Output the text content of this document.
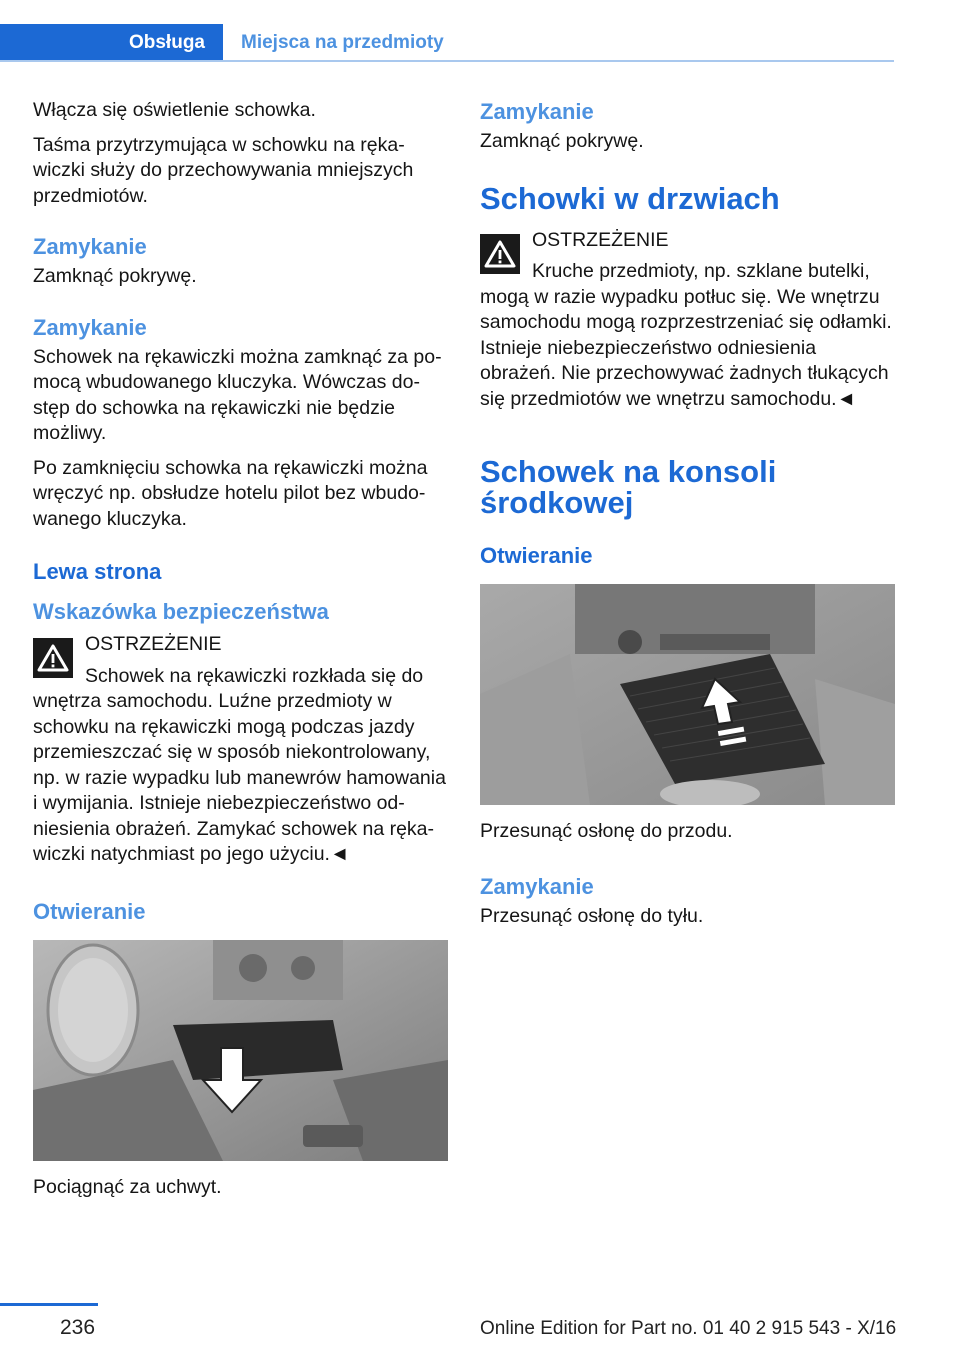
Obsługa	Miejsca na przedmioty

Włącza się oświetlenie schowka.

Taśma przytrzymująca w schowku na rękawiczki służy do przechowywania mniejszych przedmiotów.

Zamykanie

Zamknąć pokrywę.

Zamykanie

Schowek na rękawiczki można zamknąć za pomocą wbudowanego kluczyka. Wówczas dostęp do schowka na rękawiczki nie będzie możliwy.

Po zamknięciu schowka na rękawiczki można wręczyć np. obsłudze hotelu pilot bez wbudowanego kluczyka.

Lewa strona
Wskazówka bezpieczeństwa
OSTRZEŻENIE
Schowek na rękawiczki rozkłada się do wnętrza samochodu. Luźne przedmioty w schowku na rękawiczki mogą podczas jazdy przemieszczać się w sposób niekontrolowany, np. w razie wypadku lub manewrów hamowania i wymijania. Istnieje niebezpieczeństwo odniesienia obrażeń. Zamykać schowek na rękawiczki natychmiast po jego użyciu.◄
Otwieranie

Pociągnąć za uchwyt.

Zamykanie

Zamknąć pokrywę.

Schowki w drzwiach
OSTRZEŻENIE
Kruche przedmioty, np. szklane butelki, mogą w razie wypadku potłuc się. We wnętrzu samochodu mogą rozprzestrzeniać się odłamki. Istnieje niebezpieczeństwo odniesienia obrażeń. Nie przechowywać żadnych tłukących się przedmiotów we wnętrzu samochodu.◄
Schowek na konsoli środkowej
Otwieranie

Przesunąć osłonę do przodu.

Zamykanie

Przesunąć osłonę do tyłu.

236	Online Edition for Part no. 01 40 2 915 543 - X/16
